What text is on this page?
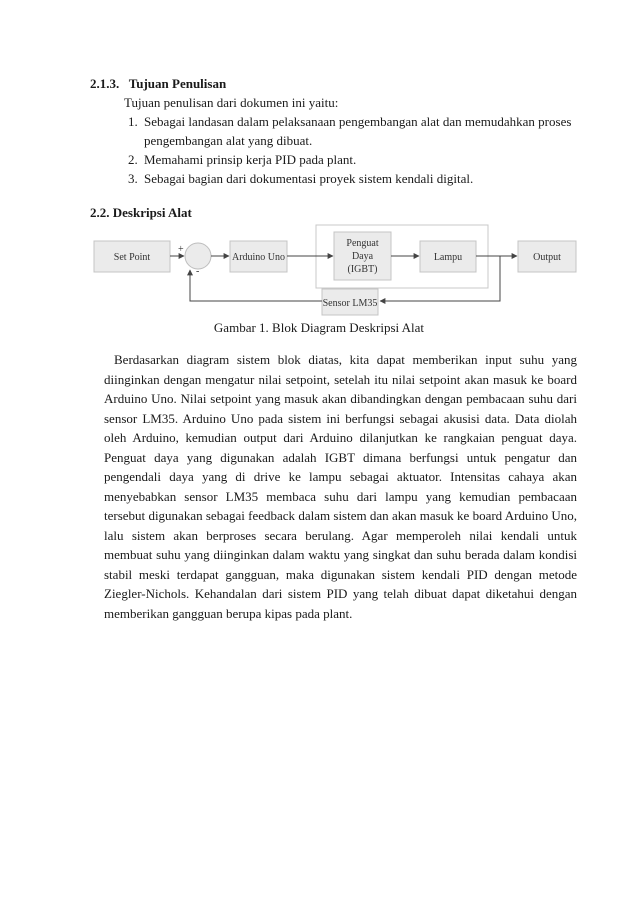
2.1.3. Tujuan Penulisan
Tujuan penulisan dari dokumen ini yaitu:
1. Sebagai landasan dalam pelaksanaan pengembangan alat dan memudahkan proses pengembangan alat yang dibuat.
2. Memahami prinsip kerja PID pada plant.
3. Sebagai bagian dari dokumentasi proyek sistem kendali digital.
2.2. Deskripsi Alat
Set Point
+
-
Arduino Uno
Penguat
Daya
(IGBT)
Lampu	Output
Sensor LM35
Gambar 1. Blok Diagram Deskripsi Alat
Berdasarkan diagram sistem blok diatas, kita dapat memberikan input suhu yang diinginkan dengan mengatur nilai setpoint, setelah itu nilai setpoint akan masuk ke board Arduino Uno. Nilai setpoint yang masuk akan dibandingkan dengan pembacaan suhu dari sensor LM35. Arduino Uno pada sistem ini berfungsi sebagai akusisi data. Data diolah oleh Arduino, kemudian output dari Arduino dilanjutkan ke rangkaian penguat daya. Penguat daya yang digunakan adalah IGBT dimana berfungsi untuk pengatur dan pengendali daya yang di drive ke lampu sebagai aktuator. Intensitas cahaya akan menyebabkan sensor LM35 membaca suhu dari lampu yang kemudian pembacaan tersebut digunakan sebagai feedback dalam sistem dan akan masuk ke board Arduino Uno, lalu sistem akan berproses secara berulang. Agar memperoleh nilai kendali untuk membuat suhu yang diinginkan dalam waktu yang singkat dan suhu berada dalam kondisi stabil meski terdapat gangguan, maka digunakan sistem kendali PID dengan metode Ziegler-Nichols. Kehandalan dari sistem PID yang telah dibuat dapat diketahui dengan memberikan gangguan berupa kipas pada plant.
